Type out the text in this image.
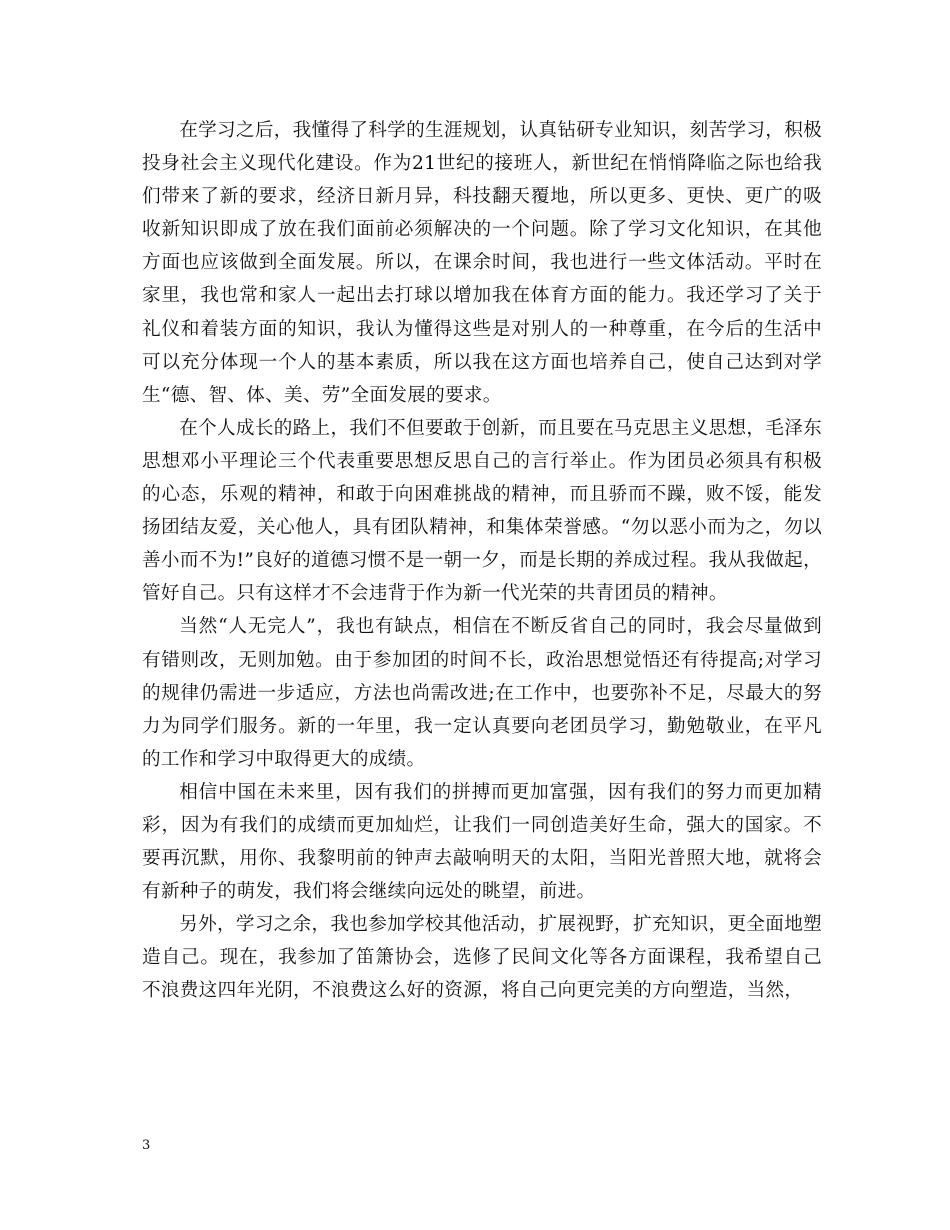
在学习之后，我懂得了科学的生涯规划，认真钻研专业知识，刻苦学习，积极投身社会主义现代化建设。作为21世纪的接班人，新世纪在悄悄降临之际也给我们带来了新的要求，经济日新月异，科技翻天覆地，所以更多、更快、更广的吸收新知识即成了放在我们面前必须解决的一个问题。除了学习文化知识，在其他方面也应该做到全面发展。所以，在课余时间，我也进行一些文体活动。平时在家里，我也常和家人一起出去打球以增加我在体育方面的能力。我还学习了关于礼仪和着装方面的知识，我认为懂得这些是对别人的一种尊重，在今后的生活中可以充分体现一个人的基本素质，所以我在这方面也培养自己，使自己达到对学生“德、智、体、美、劳”全面发展的要求。

在个人成长的路上，我们不但要敢于创新，而且要在马克思主义思想，毛泽东思想邓小平理论三个代表重要思想反思自己的言行举止。作为团员必须具有积极的心态，乐观的精神，和敢于向困难挑战的精神，而且骄而不躁，败不馁，能发扬团结友爱，关心他人，具有团队精神，和集体荣誉感。“勿以恶小而为之，勿以善小而不为!”良好的道德习惯不是一朝一夕，而是长期的养成过程。我从我做起，管好自己。只有这样才不会违背于作为新一代光荣的共青团员的精神。

当然“人无完人”，我也有缺点，相信在不断反省自己的同时，我会尽量做到有错则改，无则加勉。由于参加团的时间不长，政治思想觉悟还有待提高;对学习的规律仍需进一步适应，方法也尚需改进;在工作中，也要弥补不足，尽最大的努力为同学们服务。新的一年里，我一定认真要向老团员学习，勤勉敬业，在平凡的工作和学习中取得更大的成绩。

相信中国在未来里，因有我们的拼搏而更加富强，因有我们的努力而更加精彩，因为有我们的成绩而更加灿烂，让我们一同创造美好生命，强大的国家。不要再沉默，用你、我黎明前的钟声去敲响明天的太阳，当阳光普照大地，就将会有新种子的萌发，我们将会继续向远处的眺望，前进。

另外，学习之余，我也参加学校其他活动，扩展视野，扩充知识，更全面地塑造自己。现在，我参加了笛箫协会，选修了民间文化等各方面课程，我希望自己不浪费这四年光阴，不浪费这么好的资源，将自己向更完美的方向塑造，当然，

3
